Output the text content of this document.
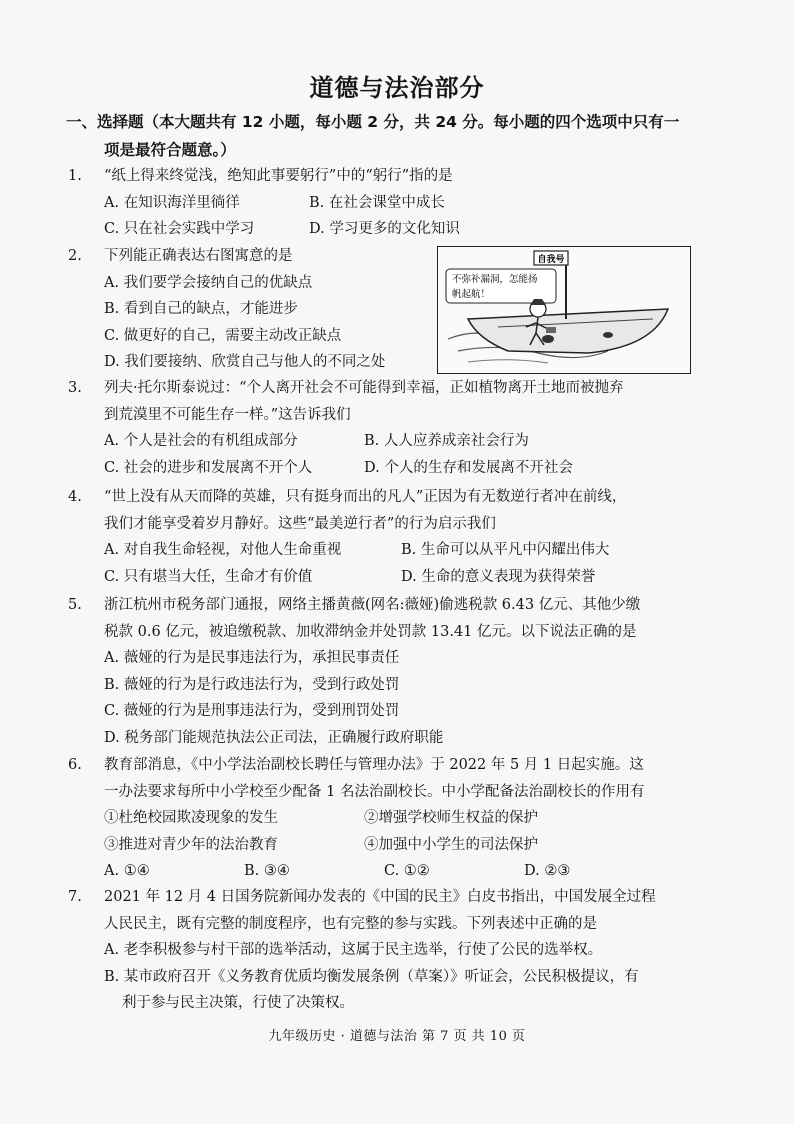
道德与法治部分
一、选择题（本大题共有 12 小题，每小题 2 分，共 24 分。每小题的四个选项中只有一
项是最符合题意。）
1.	“纸上得来终觉浅，绝知此事要躬行”中的“躬行”指的是
A. 在知识海洋里徜徉	B. 在社会课堂中成长
C. 只在社会实践中学习	D. 学习更多的文化知识
2.	下列能正确表达右图寓意的是
A. 我们要学会接纳自己的优缺点
B. 看到自己的缺点，才能进步
C. 做更好的自己，需要主动改正缺点
D. 我们要接纳、欣赏自己与他人的不同之处
自我号
不弥补漏洞，怎能扬
帆起航！
3.	列夫·托尔斯泰说过：“个人离开社会不可能得到幸福，正如植物离开土地而被抛弃
到荒漠里不可能生存一样。”这告诉我们
A. 个人是社会的有机组成部分	B. 人人应养成亲社会行为
C. 社会的进步和发展离不开个人	D. 个人的生存和发展离不开社会
4.	“世上没有从天而降的英雄，只有挺身而出的凡人”正因为有无数逆行者冲在前线，
我们才能享受着岁月静好。这些“最美逆行者”的行为启示我们
A. 对自我生命轻视，对他人生命重视	B. 生命可以从平凡中闪耀出伟大
C. 只有堪当大任，生命才有价值	D. 生命的意义表现为获得荣誉
5.	浙江杭州市税务部门通报，网络主播黄薇(网名:薇娅)偷逃税款 6.43 亿元、其他少缴
税款 0.6 亿元，被追缴税款、加收滞纳金并处罚款 13.41 亿元。以下说法正确的是
A. 薇娅的行为是民事违法行为，承担民事责任
B. 薇娅的行为是行政违法行为，受到行政处罚
C. 薇娅的行为是刑事违法行为，受到刑罚处罚
D. 税务部门能规范执法公正司法，正确履行政府职能
6.	教育部消息，《中小学法治副校长聘任与管理办法》于 2022 年 5 月 1 日起实施。这
一办法要求每所中小学校至少配备 1 名法治副校长。中小学配备法治副校长的作用有
①杜绝校园欺凌现象的发生	②增强学校师生权益的保护
③推进对青少年的法治教育	④加强中小学生的司法保护
A. ①④	B. ③④	C. ①②	D. ②③
7.	2021 年 12 月 4 日国务院新闻办发表的《中国的民主》白皮书指出，中国发展全过程
人民民主，既有完整的制度程序，也有完整的参与实践。下列表述中正确的是
A. 老李积极参与村干部的选举活动，这属于民主选举，行使了公民的选举权。
B. 某市政府召开《义务教育优质均衡发展条例（草案）》听证会，公民积极提议，有
利于参与民主决策，行使了决策权。
九年级历史 · 道德与法治 第 7 页 共 10 页
